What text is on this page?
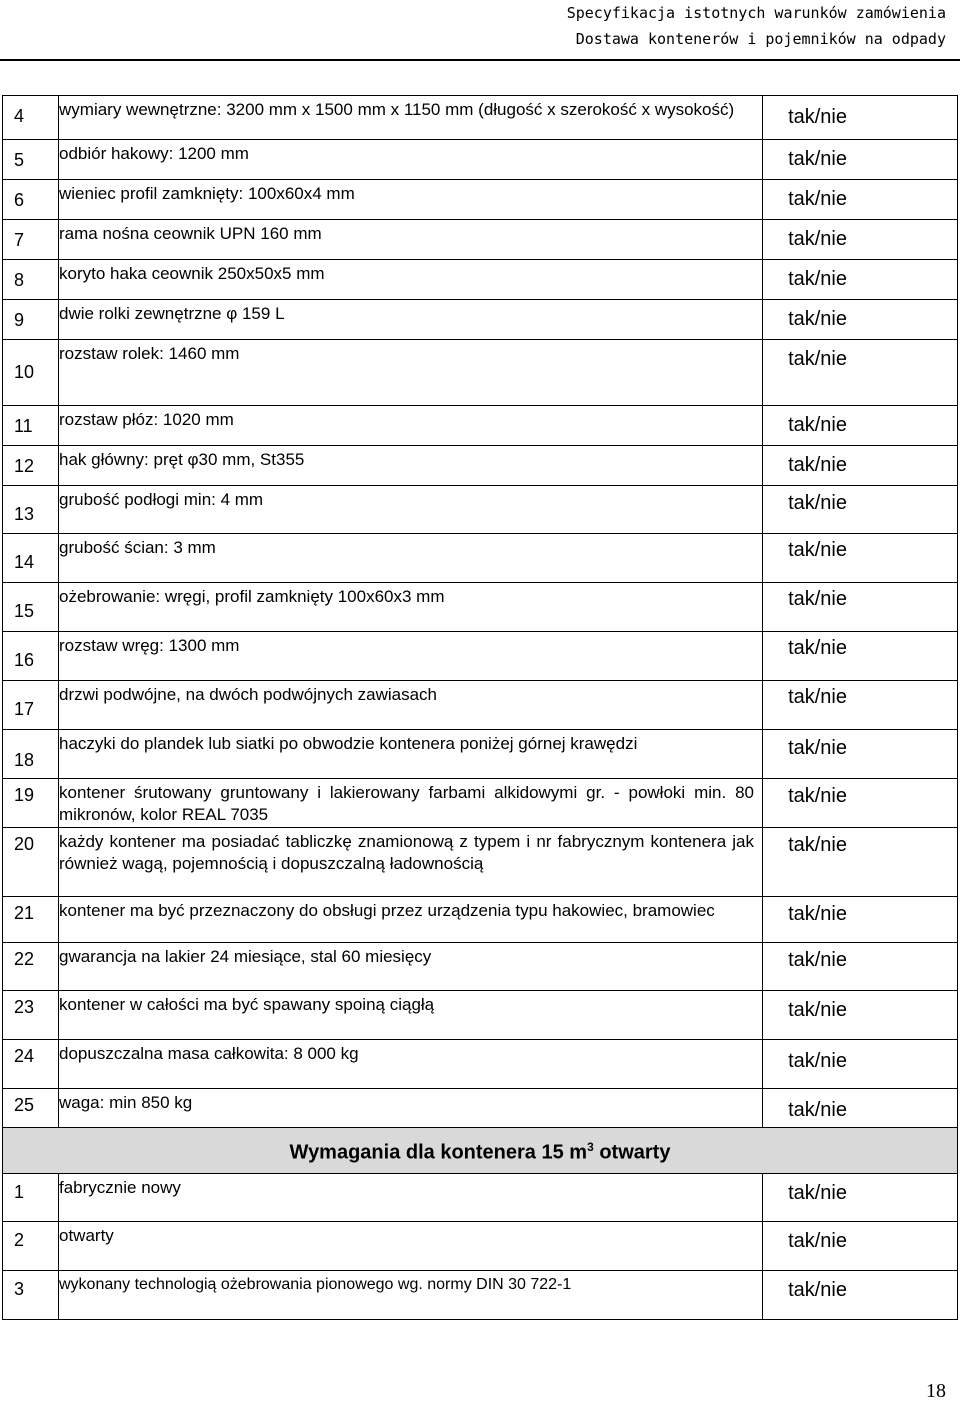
Specyfikacja istotnych warunków zamówienia
Dostawa kontenerów i pojemników na odpady
4	wymiary wewnętrzne: 3200 mm x 1500 mm x 1150 mm (długość x szerokość x wysokość)	tak/nie
5	odbiór hakowy: 1200 mm	tak/nie
6	wieniec profil zamknięty: 100x60x4 mm	tak/nie
7	rama nośna ceownik UPN 160 mm	tak/nie
8	koryto haka ceownik 250x50x5 mm	tak/nie
9	dwie rolki zewnętrzne φ 159 L	tak/nie
10	rozstaw rolek: 1460 mm	tak/nie
11	rozstaw płóz: 1020 mm	tak/nie
12	hak główny: pręt φ30 mm, St355	tak/nie
13	grubość podłogi min: 4 mm	tak/nie
14	grubość ścian: 3 mm	tak/nie
15	ożebrowanie: wręgi, profil zamknięty 100x60x3 mm	tak/nie
16	rozstaw wręg: 1300 mm	tak/nie
17	drzwi podwójne, na dwóch podwójnych zawiasach	tak/nie
18	haczyki do plandek lub siatki po obwodzie kontenera poniżej górnej krawędzi	tak/nie
19	kontener śrutowany gruntowany i lakierowany farbami alkidowymi gr. - powłoki min. 80 mikronów, kolor REAL 7035	tak/nie
20	każdy kontener ma posiadać tabliczkę znamionową z typem i nr fabrycznym kontenera jak również wagą, pojemnością i dopuszczalną ładownością	tak/nie
21	kontener ma być przeznaczony do obsługi przez urządzenia typu hakowiec, bramowiec	tak/nie
22	gwarancja na lakier 24 miesiące, stal 60 miesięcy	tak/nie
23	kontener w całości ma być spawany spoiną ciągłą	tak/nie
24	dopuszczalna masa całkowita: 8 000 kg	tak/nie
25	waga: min 850 kg	tak/nie
Wymagania dla kontenera 15 $m^3$ otwarty		
1	fabrycznie nowy	tak/nie
2	otwarty	tak/nie
3	wykonany technologią ożebrowania pionowego wg. normy DIN 30 722-1	tak/nie
18
